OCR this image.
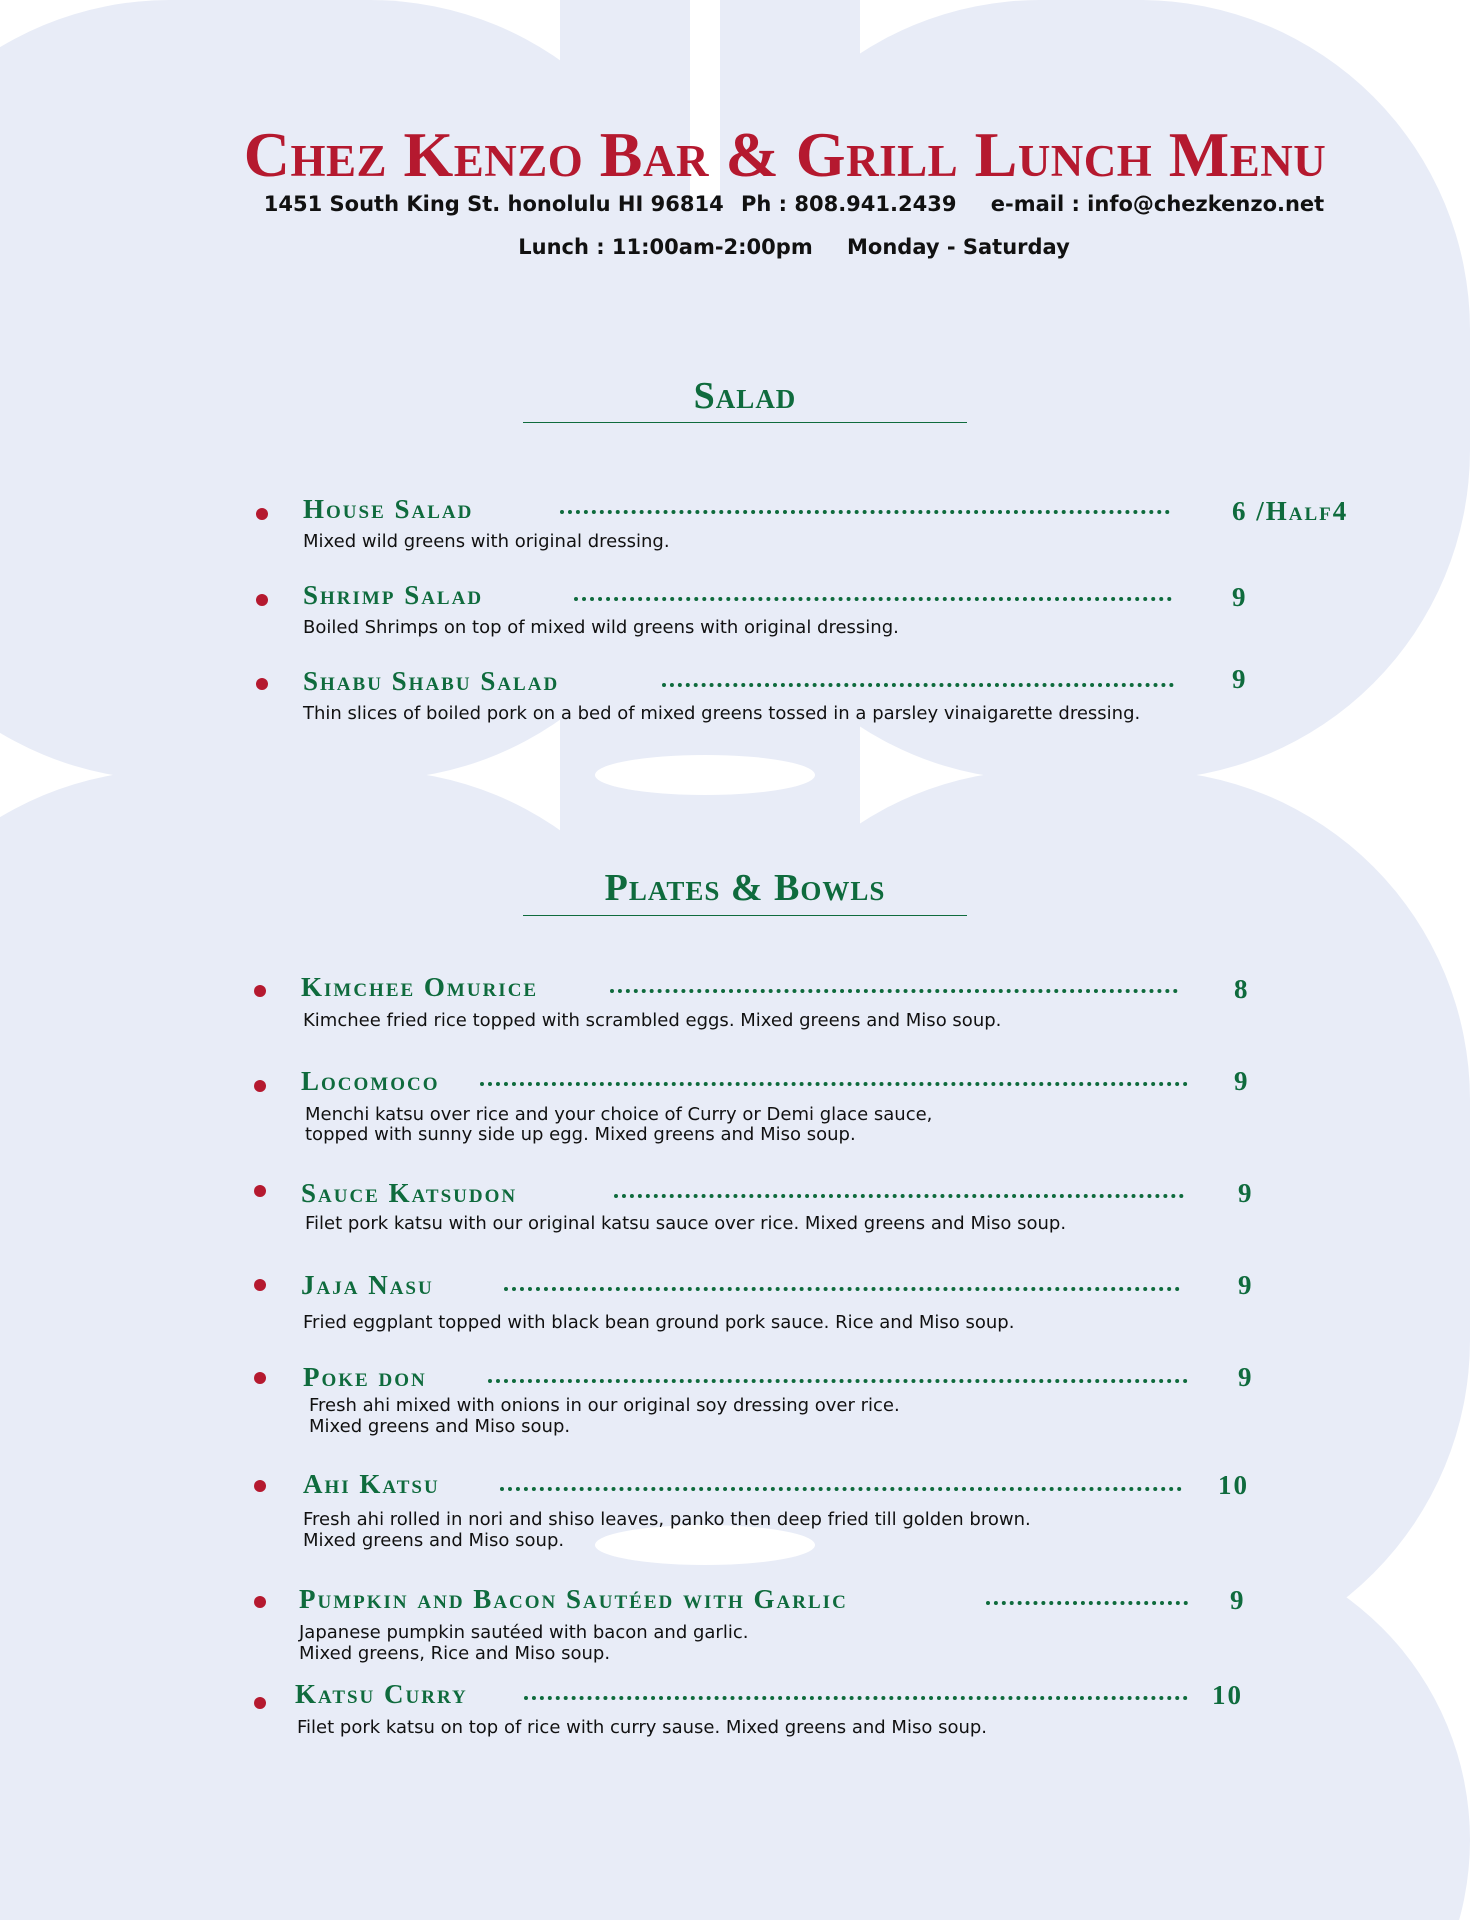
Chez Kenzo Bar & Grill Lunch Menu
1451 South King St. honolulu HI 96814 Ph : 808.941.2439 e-mail : info@chezkenzo.net
Lunch : 11:00am-2:00pm Monday - Saturday
Salad
House Salad	6 /Half4
Mixed wild greens with original dressing.
Shrimp Salad	9
Boiled Shrimps on top of mixed wild greens with original dressing.
Shabu Shabu Salad	9
Thin slices of boiled pork on a bed of mixed greens tossed in a parsley vinaigarette dressing.
Plates & Bowls
Kimchee Omurice	8
Kimchee fried rice topped with scrambled eggs. Mixed greens and Miso soup.
Locomoco	9
Menchi katsu over rice and your choice of Curry or Demi glace sauce,
topped with sunny side up egg. Mixed greens and Miso soup.
Sauce Katsudon	9
Filet pork katsu with our original katsu sauce over rice. Mixed greens and Miso soup.
Jaja Nasu	9
Fried eggplant topped with black bean ground pork sauce. Rice and Miso soup.
Poke don	9
Fresh ahi mixed with onions in our original soy dressing over rice.
Mixed greens and Miso soup.
Ahi Katsu	10
Fresh ahi rolled in nori and shiso leaves, panko then deep fried till golden brown.
Mixed greens and Miso soup.
Pumpkin and Bacon Sautéed with Garlic	9
Japanese pumpkin sautéed with bacon and garlic.
Mixed greens, Rice and Miso soup.
Katsu Curry	10
Filet pork katsu on top of rice with curry sause. Mixed greens and Miso soup.
